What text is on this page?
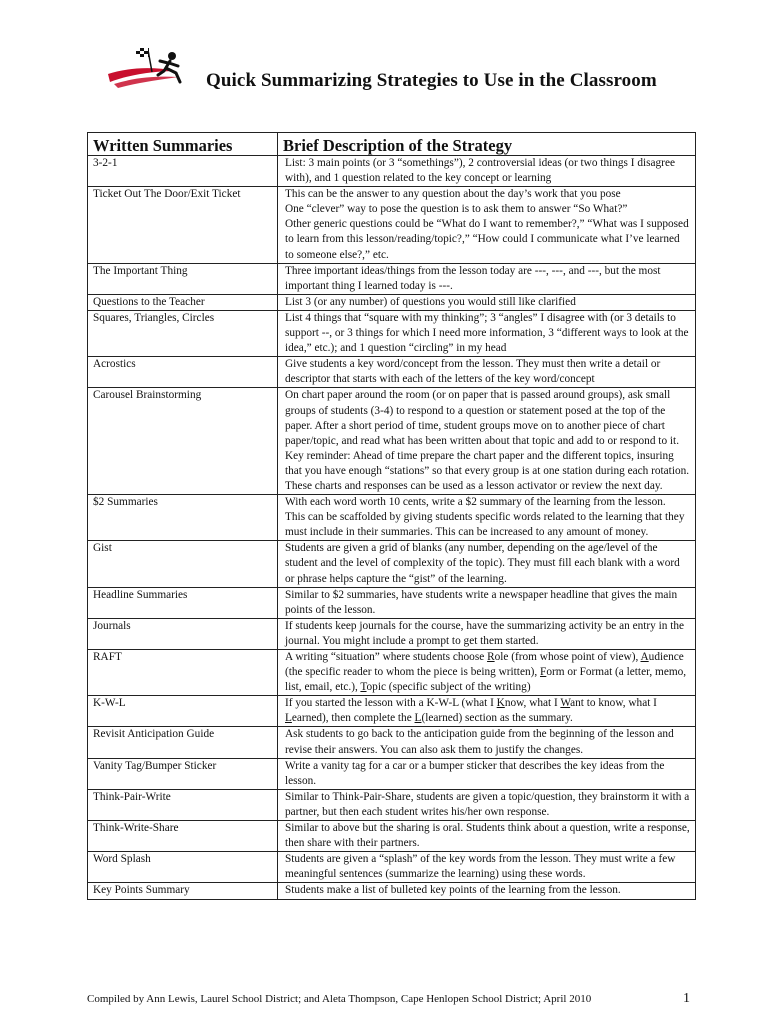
Quick Summarizing Strategies to Use in the Classroom
Written Summaries	Brief Description of the Strategy
3-2-1	List: 3 main points (or 3 “somethings”), 2 controversial ideas (or two things I disagree with), and 1 question related to the key concept or learning
Ticket Out The Door/Exit Ticket	This can be the answer to any question about the day’s work that you pose
One “clever” way to pose the question is to ask them to answer “So What?”
Other generic questions could be “What do I want to remember?,” “What was I supposed to learn from this lesson/reading/topic?,” “How could I communicate what I’ve learned to someone else?,” etc.
The Important Thing	Three important ideas/things from the lesson today are ---, ---, and ---, but the most important thing I learned today is ---.
Questions to the Teacher	List 3 (or any number) of questions you would still like clarified
Squares, Triangles, Circles	List 4 things that “square with my thinking”; 3 “angles” I disagree with (or 3 details to support --, or 3 things for which I need more information, 3 “different ways to look at the idea,” etc.); and 1 question “circling” in my head
Acrostics	Give students a key word/concept from the lesson. They must then write a detail or descriptor that starts with each of the letters of the key word/concept
Carousel Brainstorming	On chart paper around the room (or on paper that is passed around groups), ask small groups of students (3-4) to respond to a question or statement posed at the top of the paper. After a short period of time, student groups move on to another piece of chart paper/topic, and read what has been written about that topic and add to or respond to it. Key reminder: Ahead of time prepare the chart paper and the different topics, insuring that you have enough “stations” so that every group is at one station during each rotation. These charts and responses can be used as a lesson activator or review the next day.
$2 Summaries	With each word worth 10 cents, write a $2 summary of the learning from the lesson.
This can be scaffolded by giving students specific words related to the learning that they must include in their summaries. This can be increased to any amount of money.
Gist	Students are given a grid of blanks (any number, depending on the age/level of the student and the level of complexity of the topic). They must fill each blank with a word or phrase helps capture the “gist” of the learning.
Headline Summaries	Similar to $2 summaries, have students write a newspaper headline that gives the main points of the lesson.
Journals	If students keep journals for the course, have the summarizing activity be an entry in the journal. You might include a prompt to get them started.
RAFT	A writing “situation” where students choose Role (from whose point of view), Audience (the specific reader to whom the piece is being written), Form or Format (a letter, memo, list, email, etc.), Topic (specific subject of the writing)
K-W-L	If you started the lesson with a K-W-L (what I Know, what I Want to know, what I Learned), then complete the L(learned) section as the summary.
Revisit Anticipation Guide	Ask students to go back to the anticipation guide from the beginning of the lesson and revise their answers. You can also ask them to justify the changes.
Vanity Tag/Bumper Sticker	Write a vanity tag for a car or a bumper sticker that describes the key ideas from the lesson.
Think-Pair-Write	Similar to Think-Pair-Share, students are given a topic/question, they brainstorm it with a partner, but then each student writes his/her own response.
Think-Write-Share	Similar to above but the sharing is oral. Students think about a question, write a response, then share with their partners.
Word Splash	Students are given a “splash” of the key words from the lesson. They must write a few meaningful sentences (summarize the learning) using these words.
Key Points Summary	Students make a list of bulleted key points of the learning from the lesson.
Compiled by Ann Lewis, Laurel School District; and Aleta Thompson, Cape Henlopen School District; April 2010	1
